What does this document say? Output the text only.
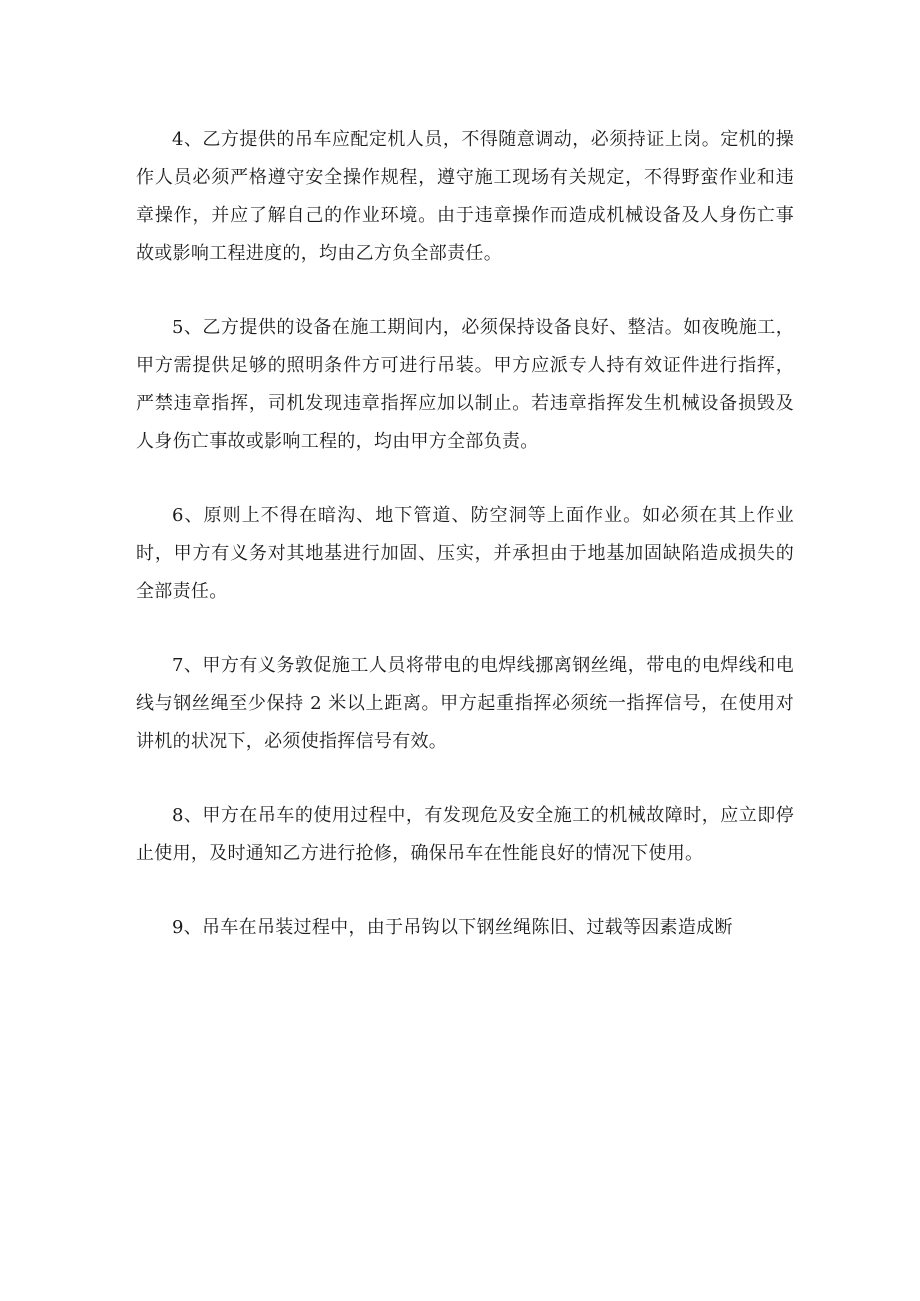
4、乙方提供的吊车应配定机人员，不得随意调动，必须持证上岗。定机的操作人员必须严格遵守安全操作规程，遵守施工现场有关规定，不得野蛮作业和违章操作，并应了解自己的作业环境。由于违章操作而造成机械设备及人身伤亡事故或影响工程进度的，均由乙方负全部责任。

5、乙方提供的设备在施工期间内，必须保持设备良好、整洁。如夜晚施工，甲方需提供足够的照明条件方可进行吊装。甲方应派专人持有效证件进行指挥，严禁违章指挥，司机发现违章指挥应加以制止。若违章指挥发生机械设备损毁及人身伤亡事故或影响工程的，均由甲方全部负责。

6、原则上不得在暗沟、地下管道、防空洞等上面作业。如必须在其上作业时，甲方有义务对其地基进行加固、压实，并承担由于地基加固缺陷造成损失的全部责任。

7、甲方有义务敦促施工人员将带电的电焊线挪离钢丝绳，带电的电焊线和电线与钢丝绳至少保持 2 米以上距离。甲方起重指挥必须统一指挥信号，在使用对讲机的状况下，必须使指挥信号有效。

8、甲方在吊车的使用过程中，有发现危及安全施工的机械故障时，应立即停止使用，及时通知乙方进行抢修，确保吊车在性能良好的情况下使用。

9、吊车在吊装过程中，由于吊钩以下钢丝绳陈旧、过载等因素造成断
